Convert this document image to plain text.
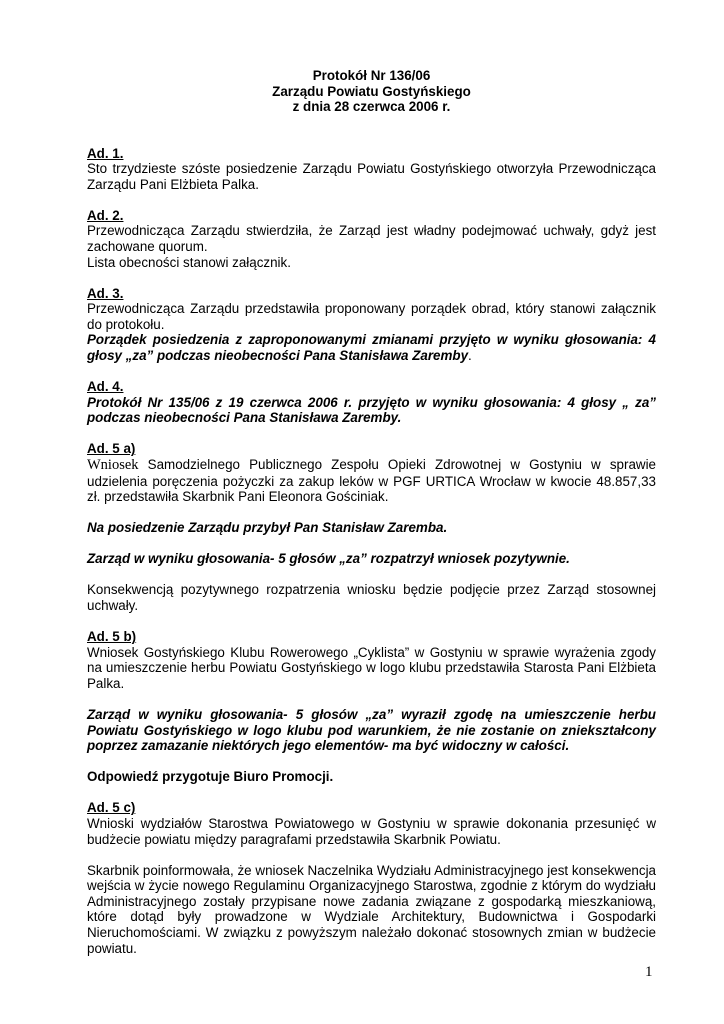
Protokół Nr 136/06
Zarządu Powiatu Gostyńskiego
z dnia 28 czerwca 2006 r.
Ad. 1.
Sto trzydzieste szóste posiedzenie Zarządu Powiatu Gostyńskiego otworzyła Przewodnicząca Zarządu Pani Elżbieta Palka.
Ad. 2.
Przewodnicząca Zarządu stwierdziła, że Zarząd jest władny podejmować uchwały, gdyż jest zachowane quorum.
Lista obecności stanowi załącznik.
Ad. 3.
Przewodnicząca Zarządu przedstawiła proponowany porządek obrad, który stanowi załącznik do protokołu.
Porządek posiedzenia z zaproponowanymi zmianami przyjęto w wyniku głosowania: 4 głosy „za” podczas nieobecności Pana Stanisława Zaremby.
Ad. 4.
Protokół Nr 135/06 z 19 czerwca 2006 r. przyjęto w wyniku głosowania: 4 głosy „ za” podczas nieobecności Pana Stanisława Zaremby.
Ad. 5 a)
Wniosek Samodzielnego Publicznego Zespołu Opieki Zdrowotnej w Gostyniu w sprawie udzielenia poręczenia pożyczki za zakup leków w PGF URTICA Wrocław w kwocie 48.857,33 zł. przedstawiła Skarbnik Pani Eleonora Gościniak.
Na posiedzenie Zarządu przybył Pan Stanisław Zaremba.
Zarząd w wyniku głosowania- 5 głosów „za” rozpatrzył wniosek pozytywnie.
Konsekwencją pozytywnego rozpatrzenia wniosku będzie podjęcie przez Zarząd stosownej uchwały.
Ad. 5 b)
Wniosek Gostyńskiego Klubu Rowerowego „Cyklista” w Gostyniu w sprawie wyrażenia zgody na umieszczenie herbu Powiatu Gostyńskiego w logo klubu przedstawiła Starosta Pani Elżbieta Palka.
Zarząd w wyniku głosowania- 5 głosów „za” wyraził zgodę na umieszczenie herbu Powiatu Gostyńskiego w logo klubu pod warunkiem, że nie zostanie on zniekształcony poprzez zamazanie niektórych jego elementów- ma być widoczny w całości.
Odpowiedź przygotuje Biuro Promocji.
Ad. 5 c)
Wnioski wydziałów Starostwa Powiatowego w Gostyniu w sprawie dokonania przesunięć w budżecie powiatu między paragrafami przedstawiła Skarbnik Powiatu.
Skarbnik poinformowała, że wniosek Naczelnika Wydziału Administracyjnego jest konsekwencja wejścia w życie nowego Regulaminu Organizacyjnego Starostwa, zgodnie z którym do wydziału Administracyjnego zostały przypisane nowe zadania związane z gospodarką mieszkaniową, które dotąd były prowadzone w Wydziale Architektury, Budownictwa i Gospodarki Nieruchomościami. W związku z powyższym należało dokonać stosownych zmian w budżecie powiatu.
1
